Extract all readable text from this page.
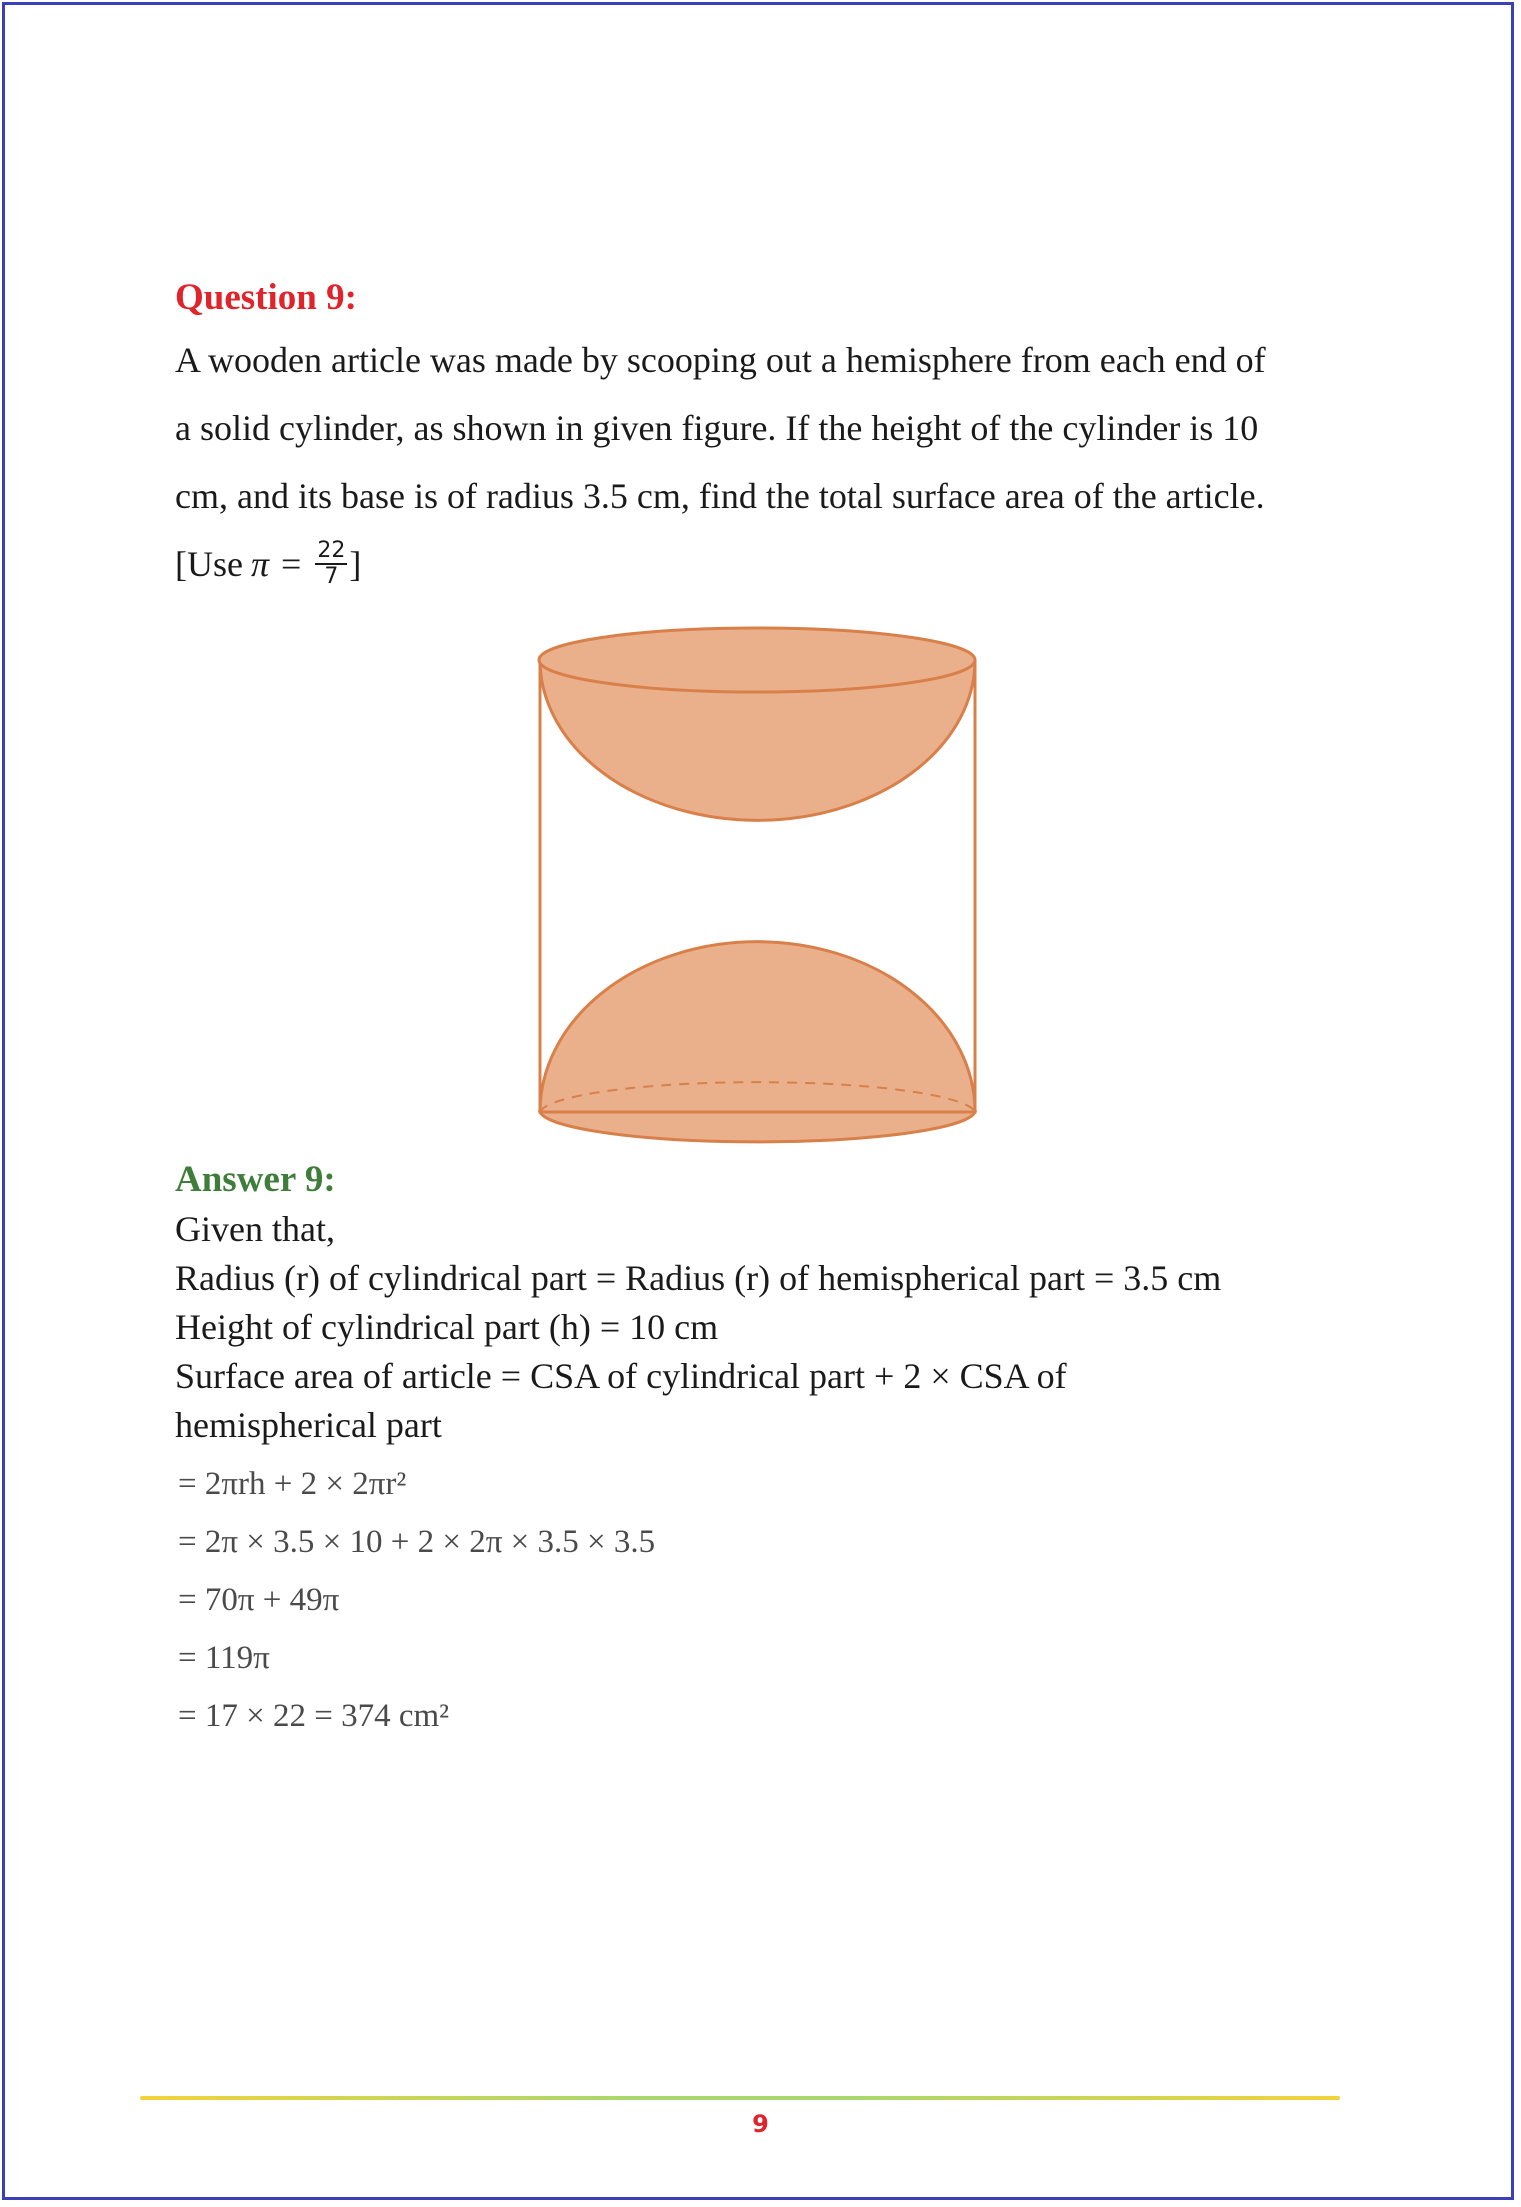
Question 9:

A wooden article was made by scooping out a hemisphere from each end of

a solid cylinder, as shown in given figure. If the height of the cylinder is 10

cm, and its base is of radius 3.5 cm, find the total surface area of the article.

[Use $\pi = \frac{22}{7}$ ]
Answer 9:

Given that,

Radius (r) of cylindrical part = Radius (r) of hemispherical part = 3.5 cm

Height of cylindrical part (h) = 10 cm

Surface area of article = CSA of cylindrical part + 2 × CSA of

hemispherical part

= 2πrh + 2 × 2πr²
= 2π × 3.5 × 10 + 2 × 2π × 3.5 × 3.5
= 70π + 49π
= 119π
= 17 × 22 = 374 cm²
9
